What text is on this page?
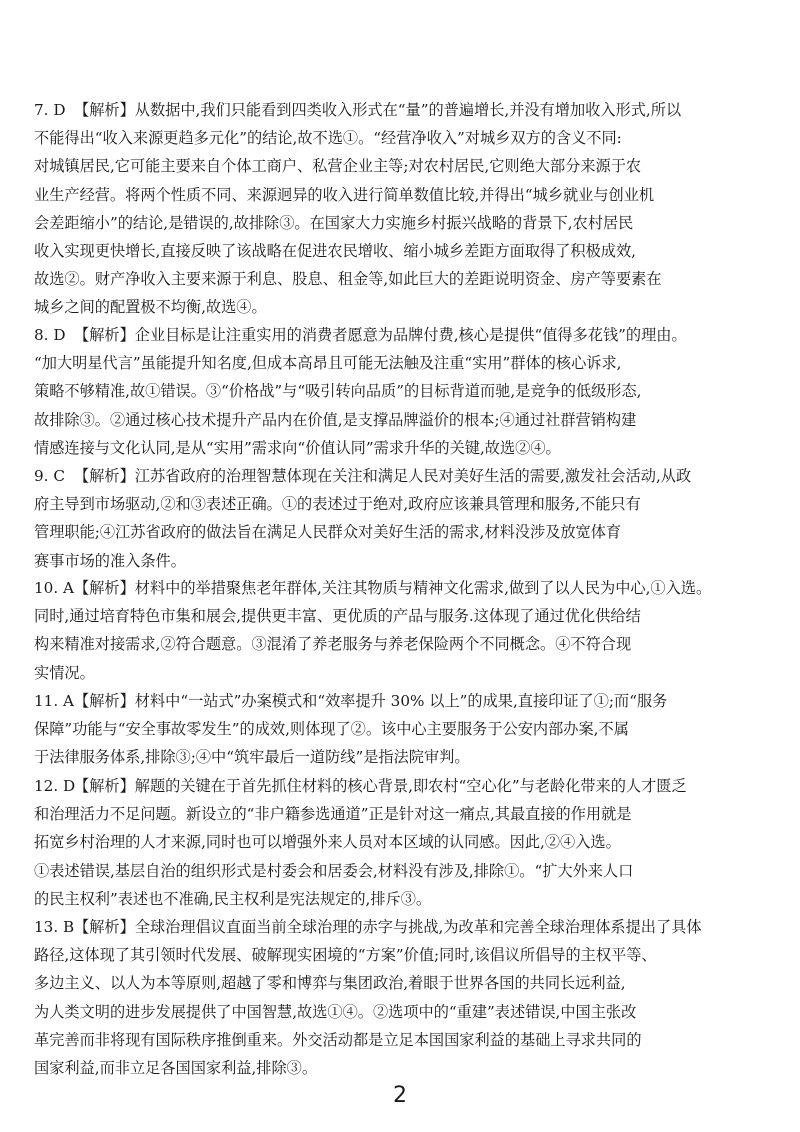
7. D 【解析】从数据中,我们只能看到四类收入形式在“量”的普遍增长,并没有增加收入形式,所以
不能得出“收入来源更趋多元化”的结论,故不选①。“经营净收入”对城乡双方的含义不同:
对城镇居民,它可能主要来自个体工商户、私营企业主等;对农村居民,它则绝大部分来源于农
业生产经营。将两个性质不同、来源迥异的收入进行简单数值比较,并得出“城乡就业与创业机
会差距缩小”的结论,是错误的,故排除③。在国家大力实施乡村振兴战略的背景下,农村居民
收入实现更快增长,直接反映了该战略在促进农民增收、缩小城乡差距方面取得了积极成效,
故选②。财产净收入主要来源于利息、股息、租金等,如此巨大的差距说明资金、房产等要素在
城乡之间的配置极不均衡,故选④。
8. D 【解析】企业目标是让注重实用的消费者愿意为品牌付费,核心是提供“值得多花钱”的理由。
“加大明星代言”虽能提升知名度,但成本高昂且可能无法触及注重“实用”群体的核心诉求,
策略不够精准,故①错误。③“价格战”与“吸引转向品质”的目标背道而驰,是竞争的低级形态,
故排除③。②通过核心技术提升产品内在价值,是支撑品牌溢价的根本;④通过社群营销构建
情感连接与文化认同,是从“实用”需求向“价值认同”需求升华的关键,故选②④。
9. C 【解析】江苏省政府的治理智慧体现在关注和满足人民对美好生活的需要,激发社会活动,从政
府主导到市场驱动,②和③表述正确。①的表述过于绝对,政府应该兼具管理和服务,不能只有
管理职能;④江苏省政府的做法旨在满足人民群众对美好生活的需求,材料没涉及放宽体育
赛事市场的准入条件。
10. A【解析】材料中的举措聚焦老年群体,关注其物质与精神文化需求,做到了以人民为中心,①入选。
同时,通过培育特色市集和展会,提供更丰富、更优质的产品与服务.这体现了通过优化供给结
构来精准对接需求,②符合题意。③混淆了养老服务与养老保险两个不同概念。④不符合现
实情况。
11. A【解析】材料中“一站式”办案模式和“效率提升 30% 以上”的成果,直接印证了①;而“服务
保障”功能与“安全事故零发生”的成效,则体现了②。该中心主要服务于公安内部办案,不属
于法律服务体系,排除③;④中“筑牢最后一道防线”是指法院审判。
12. D【解析】解题的关键在于首先抓住材料的核心背景,即农村“空心化”与老龄化带来的人才匮乏
和治理活力不足问题。新设立的“非户籍参选通道”正是针对这一痛点,其最直接的作用就是
拓宽乡村治理的人才来源,同时也可以增强外来人员对本区域的认同感。因此,②④入选。
①表述错误,基层自治的组织形式是村委会和居委会,材料没有涉及,排除①。“扩大外来人口
的民主权利”表述也不准确,民主权利是宪法规定的,排斥③。
13. B【解析】全球治理倡议直面当前全球治理的赤字与挑战,为改革和完善全球治理体系提出了具体
路径,这体现了其引领时代发展、破解现实困境的“方案”价值;同时,该倡议所倡导的主权平等、
多边主义、以人为本等原则,超越了零和博弈与集团政治,着眼于世界各国的共同长远利益,
为人类文明的进步发展提供了中国智慧,故选①④。②选项中的“重建”表述错误,中国主张改
革完善而非将现有国际秩序推倒重来。外交活动都是立足本国国家利益的基础上寻求共同的
国家利益,而非立足各国国家利益,排除③。
2
